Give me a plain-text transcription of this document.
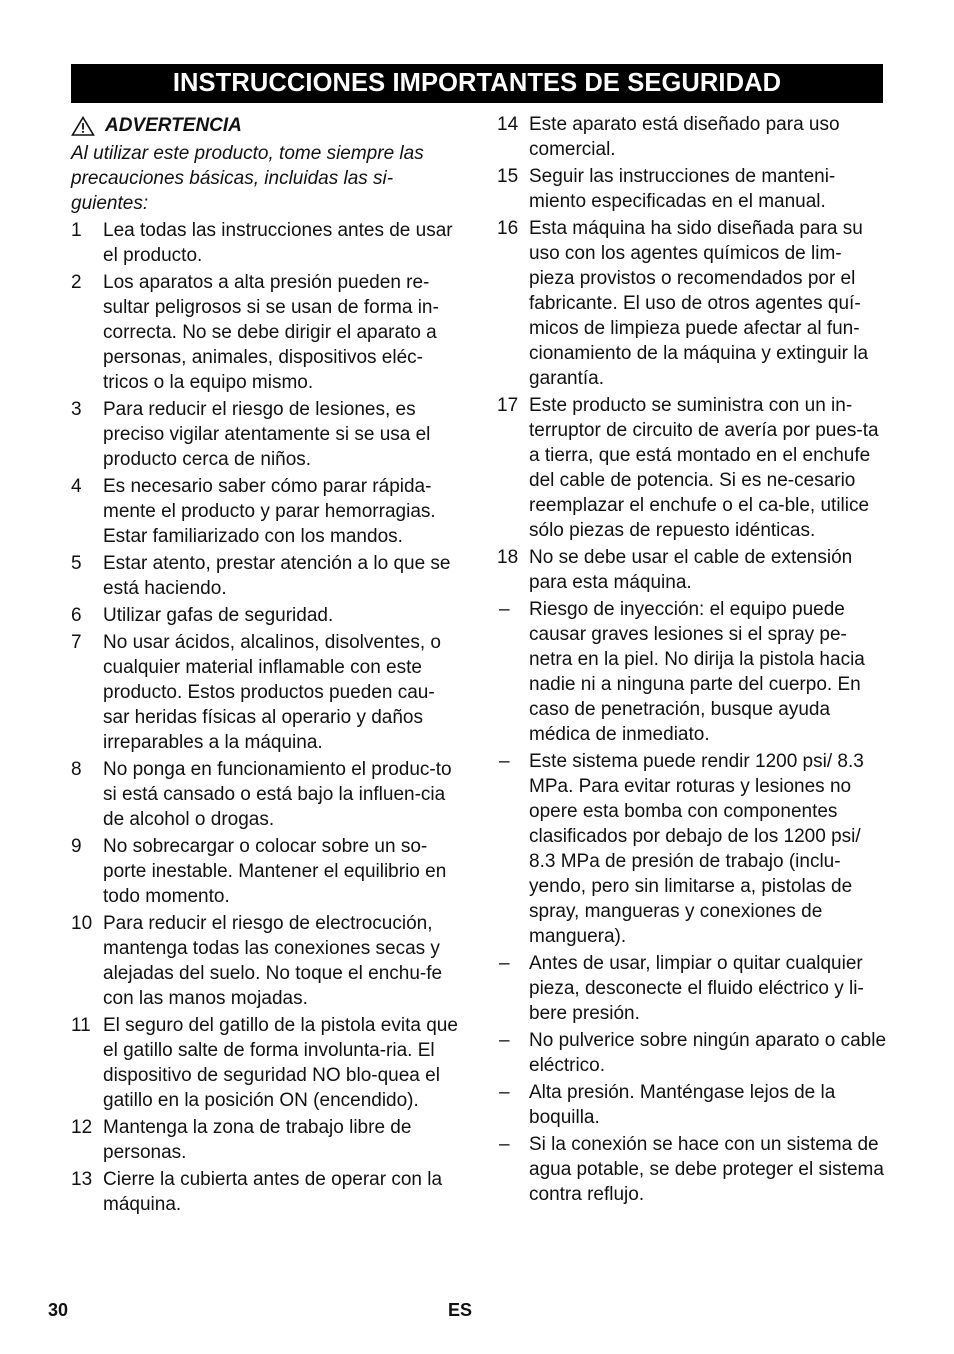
INSTRUCCIONES IMPORTANTES DE SEGURIDAD
ADVERTENCIA
Al utilizar este producto, tome siempre las precauciones básicas, incluidas las si-guientes:
1	Lea todas las instrucciones antes de usar el producto.
2	Los aparatos a alta presión pueden re-sultar peligrosos si se usan de forma in-correcta. No se debe dirigir el aparato a personas, animales, dispositivos eléc-tricos o la equipo mismo.
3	Para reducir el riesgo de lesiones, es preciso vigilar atentamente si se usa el producto cerca de niños.
4	Es necesario saber cómo parar rápida-mente el producto y parar hemorragias. Estar familiarizado con los mandos.
5	Estar atento, prestar atención a lo que se está haciendo.
6	Utilizar gafas de seguridad.
7	No usar ácidos, alcalinos, disolventes, o cualquier material inflamable con este producto. Estos productos pueden cau-sar heridas físicas al operario y daños irreparables a la máquina.
8	No ponga en funcionamiento el produc-to si está cansado o está bajo la influen-cia de alcohol o drogas.
9	No sobrecargar o colocar sobre un so-porte inestable. Mantener el equilibrio en todo momento.
10 Para reducir el riesgo de electrocución, mantenga todas las conexiones secas y alejadas del suelo. No toque el enchu-fe con las manos mojadas.
11 El seguro del gatillo de la pistola evita que el gatillo salte de forma involunta-ria. El dispositivo de seguridad NO blo-quea el gatillo en la posición ON (encendido).
12 Mantenga la zona de trabajo libre de personas.
13 Cierre la cubierta antes de operar con la máquina.
14 Este aparato está diseñado para uso comercial.
15 Seguir las instrucciones de manteni-miento especificadas en el manual.
16 Esta máquina ha sido diseñada para su uso con los agentes químicos de lim-pieza provistos o recomendados por el fabricante. El uso de otros agentes quí-micos de limpieza puede afectar al fun-cionamiento de la máquina y extinguir la garantía.
17 Este producto se suministra con un in-terruptor de circuito de avería por pues-ta a tierra, que está montado en el enchufe del cable de potencia. Si es ne-cesario reemplazar el enchufe o el ca-ble, utilice sólo piezas de repuesto idénticas.
18 No se debe usar el cable de extensión para esta máquina.
–	Riesgo de inyección: el equipo puede causar graves lesiones si el spray pe-netra en la piel. No dirija la pistola hacia nadie ni a ninguna parte del cuerpo. En caso de penetración, busque ayuda médica de inmediato.
–	Este sistema puede rendir 1200 psi/ 8.3 MPa. Para evitar roturas y lesiones no opere esta bomba con componentes clasificados por debajo de los 1200 psi/ 8.3 MPa de presión de trabajo (inclu-yendo, pero sin limitarse a, pistolas de spray, mangueras y conexiones de manguera).
–	Antes de usar, limpiar o quitar cualquier pieza, desconecte el fluido eléctrico y li-bere presión.
–	No pulverice sobre ningún aparato o cable eléctrico.
–	Alta presión. Manténgase lejos de la boquilla.
–	Si la conexión se hace con un sistema de agua potable, se debe proteger el sistema contra reflujo.
30	ES
